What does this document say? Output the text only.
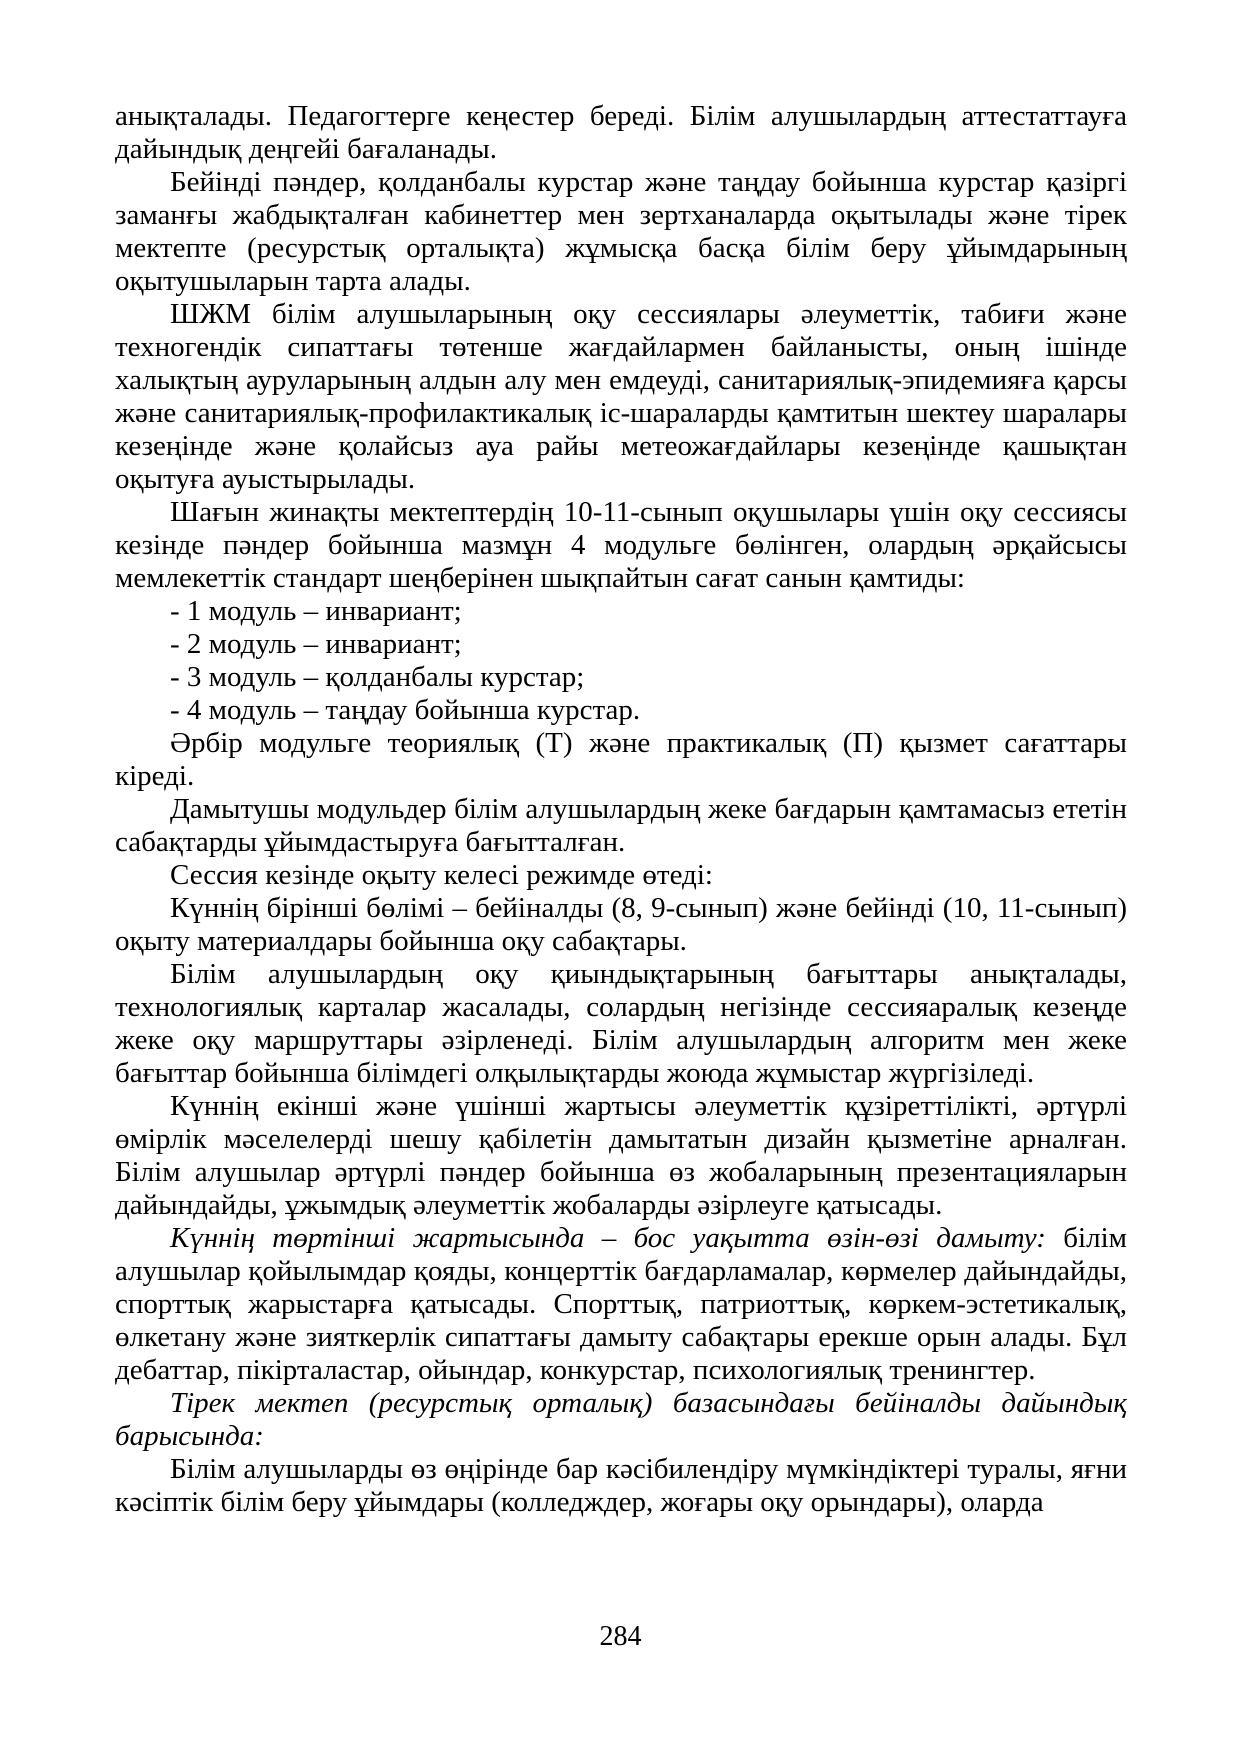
анықталады. Педагогтерге кеңестер береді. Білім алушылардың аттестаттауға дайындық деңгейі бағаланады.

Бейінді пәндер, қолданбалы курстар және таңдау бойынша курстар қазіргі заманғы жабдықталған кабинеттер мен зертханаларда оқытылады және тірек мектепте (ресурстық орталықта) жұмысқа басқа білім беру ұйымдарының оқытушыларын тарта алады.

ШЖМ білім алушыларының оқу сессиялары әлеуметтік, табиғи және техногендік сипаттағы төтенше жағдайлармен байланысты, оның ішінде халықтың ауруларының алдын алу мен емдеуді, санитариялық-эпидемияға қарсы және санитариялық-профилактикалық іс-шараларды қамтитын шектеу шаралары кезеңінде және қолайсыз ауа райы метеожағдайлары кезеңінде қашықтан оқытуға ауыстырылады.

Шағын жинақты мектептердің 10-11-сынып оқушылары үшін оқу сессиясы кезінде пәндер бойынша мазмұн 4 модульге бөлінген, олардың әрқайсысы мемлекеттік стандарт шеңберінен шықпайтын сағат санын қамтиды:

- 1 модуль – инвариант;

- 2 модуль – инвариант;

- 3 модуль – қолданбалы курстар;

- 4 модуль – таңдау бойынша курстар.

Әрбір модульге теориялық (Т) және практикалық (П) қызмет сағаттары кіреді.

Дамытушы модульдер білім алушылардың жеке бағдарын қамтамасыз ететін сабақтарды ұйымдастыруға бағытталған.

Сессия кезінде оқыту келесі режимде өтеді:

Күннің бірінші бөлімі – бейіналды (8, 9-сынып) және бейінді (10, 11-сынып) оқыту материалдары бойынша оқу сабақтары.

Білім алушылардың оқу қиындықтарының бағыттары анықталады, технологиялық карталар жасалады, солардың негізінде сессияаралық кезеңде жеке оқу маршруттары әзірленеді. Білім алушылардың алгоритм мен жеке бағыттар бойынша білімдегі олқылықтарды жоюда жұмыстар жүргізіледі.

Күннің екінші және үшінші жартысы әлеуметтік құзіреттілікті, әртүрлі өмірлік мәселелерді шешу қабілетін дамытатын дизайн қызметіне арналған. Білім алушылар әртүрлі пәндер бойынша өз жобаларының презентацияларын дайындайды, ұжымдық әлеуметтік жобаларды әзірлеуге қатысады.

Күннің төртінші жартысында – бос уақытта өзін-өзі дамыту: білім алушылар қойылымдар қояды, концерттік бағдарламалар, көрмелер дайындайды, спорттық жарыстарға қатысады. Спорттық, патриоттық, көркем-эстетикалық, өлкетану және зияткерлік сипаттағы дамыту сабақтары ерекше орын алады. Бұл дебаттар, пікірталастар, ойындар, конкурстар, психологиялық тренингтер.

Тірек мектеп (ресурстық орталық) базасындағы бейіналды дайындық барысында:

Білім алушыларды өз өңірінде бар кәсібилендіру мүмкіндіктері туралы, яғни кәсіптік білім беру ұйымдары (колледждер, жоғары оқу орындары), оларда

284
